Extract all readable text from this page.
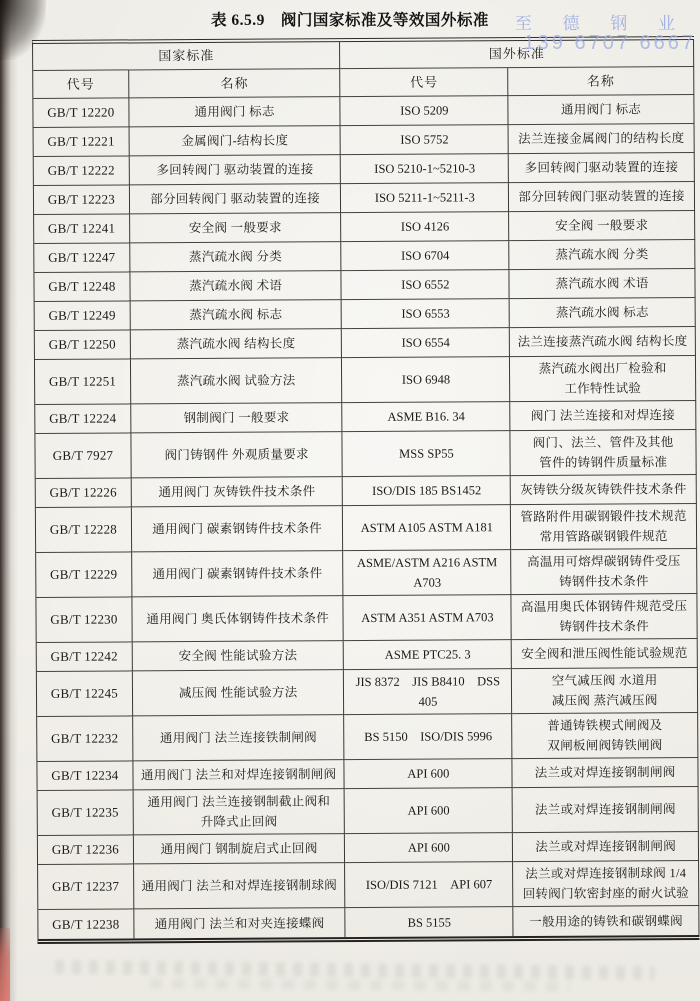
表 6.5.9　阀门国家标准及等效国外标准	至 德 钢 业
139 6707 6667
国家标准		国外标准	
代号	名称	代号	名称
GB/T 12220	通用阀门 标志	ISO 5209	通用阀门 标志
GB/T 12221	金属阀门-结构长度	ISO 5752	法兰连接金属阀门的结构长度
GB/T 12222	多回转阀门 驱动装置的连接	ISO 5210-1~5210-3	多回转阀门驱动装置的连接
GB/T 12223	部分回转阀门 驱动装置的连接	ISO 5211-1~5211-3	部分回转阀门驱动装置的连接
GB/T 12241	安全阀 一般要求	ISO 4126	安全阀 一般要求
GB/T 12247	蒸汽疏水阀 分类	ISO 6704	蒸汽疏水阀 分类
GB/T 12248	蒸汽疏水阀 术语	ISO 6552	蒸汽疏水阀 术语
GB/T 12249	蒸汽疏水阀 标志	ISO 6553	蒸汽疏水阀 标志
GB/T 12250	蒸汽疏水阀 结构长度	ISO 6554	法兰连接蒸汽疏水阀 结构长度
GB/T 12251	蒸汽疏水阀 试验方法	ISO 6948	蒸汽疏水阀出厂检验和
工作特性试验
GB/T 12224	钢制阀门 一般要求	ASME B16. 34	阀门 法兰连接和对焊连接
GB/T 7927	阀门铸钢件 外观质量要求	MSS SP55	阀门、法兰、管件及其他
管件的铸钢件质量标准
GB/T 12226	通用阀门 灰铸铁件技术条件	ISO/DIS 185 BS1452	灰铸铁分级灰铸铁件技术条件
GB/T 12228	通用阀门 碳素钢铸件技术条件	ASTM A105 ASTM A181	管路附件用碳钢锻件技术规范
常用管路碳钢锻件规范
GB/T 12229	通用阀门 碳素钢铸件技术条件	ASME/ASTM A216 ASTM A703	高温用可熔焊碳钢铸件受压
铸钢件技术条件
GB/T 12230	通用阀门 奥氏体钢铸件技术条件	ASTM A351 ASTM A703	高温用奥氏体钢铸件规范受压
铸钢件技术条件
GB/T 12242	安全阀 性能试验方法	ASME PTC25. 3	安全阀和泄压阀性能试验规范
GB/T 12245	减压阀 性能试验方法	JIS 8372　JIS B8410　DSS 405	空气减压阀 水道用
减压阀 蒸汽减压阀
GB/T 12232	通用阀门 法兰连接铁制闸阀	BS 5150　ISO/DIS 5996	普通铸铁楔式闸阀及
双闸板闸阀铸铁闸阀
GB/T 12234	通用阀门 法兰和对焊连接钢制闸阀	API 600	法兰或对焊连接钢制闸阀
GB/T 12235	通用阀门 法兰连接钢制截止阀和
升降式止回阀	API 600	法兰或对焊连接钢制闸阀
GB/T 12236	通用阀门 钢制旋启式止回阀	API 600	法兰或对焊连接钢制闸阀
GB/T 12237	通用阀门 法兰和对焊连接钢制球阀	ISO/DIS 7121　API 607	法兰或对焊连接钢制球阀 1/4
回转阀门软密封座的耐火试验
GB/T 12238	通用阀门 法兰和对夹连接蝶阀	BS 5155	一般用途的铸铁和碳钢蝶阀
